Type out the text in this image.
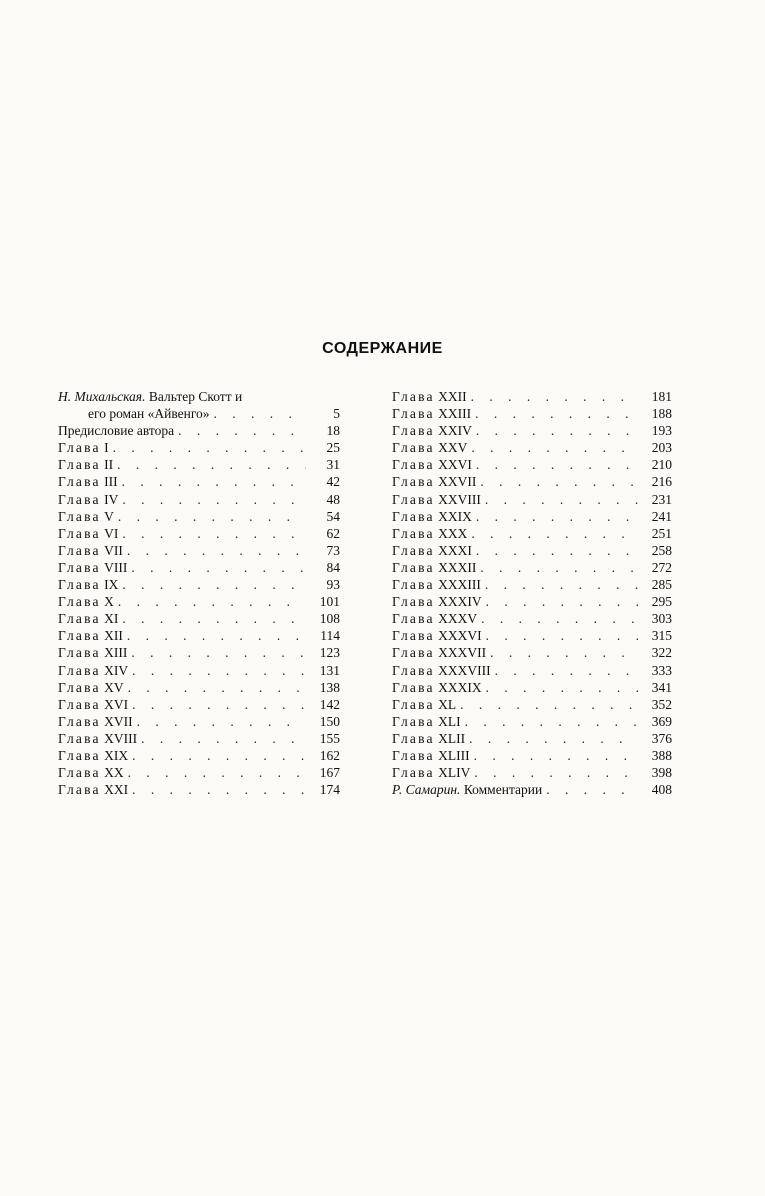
СОДЕРЖАНИЕ
Н. Михальская. Вальтер Скотт и
его роман «Айвенго» . . .	5
Предисловие автора . . .	18
Глава I . . .	25
Глава II . . .	31
Глава III . . .	42
Глава IV . . .	48
Глава V . . .	54
Глава VI . . .	62
Глава VII . . .	73
Глава VIII . . .	84
Глава IX . . .	93
Глава X . . .	101
Глава XI . . .	108
Глава XII . . .	114
Глава XIII . . .	123
Глава XIV . . .	131
Глава XV . . .	138
Глава XVI . . .	142
Глава XVII . . .	150
Глава XVIII . . .	155
Глава XIX . . .	162
Глава XX . . .	167
Глава XXI . . .	174
Глава XXII . . .	181
Глава XXIII . . .	188
Глава XXIV . . .	193
Глава XXV . . .	203
Глава XXVI . . .	210
Глава XXVII . . .	216
Глава XXVIII . . .	231
Глава XXIX . . .	241
Глава XXX . . .	251
Глава XXXI . . .	258
Глава XXXII . . .	272
Глава XXXIII . . .	285
Глава XXXIV . . .	295
Глава XXXV . . .	303
Глава XXXVI . . .	315
Глава XXXVII . . .	322
Глава XXXVIII . . .	333
Глава XXXIX . . .	341
Глава XL . . .	352
Глава XLI . . .	369
Глава XLII . . .	376
Глава XLIII . . .	388
Глава XLIV . . .	398
Р. Самарин. Комментарии . . .	408
